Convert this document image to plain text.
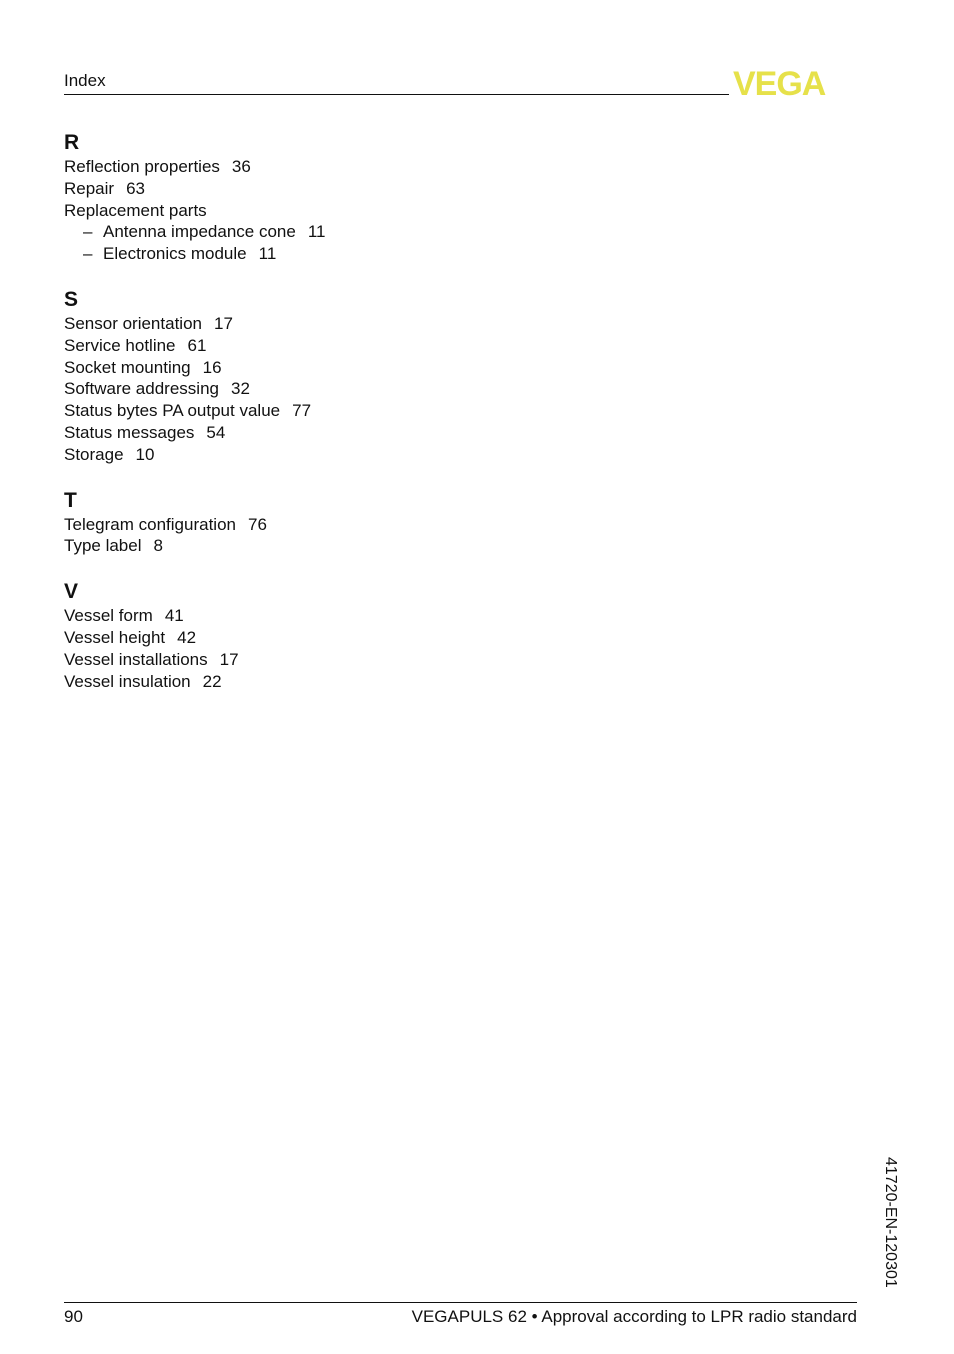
Index	VEGA
R
Reflection properties 36
Repair 63
Replacement parts
– Antenna impedance cone 11
– Electronics module 11
S
Sensor orientation 17
Service hotline 61
Socket mounting 16
Software addressing 32
Status bytes PA output value 77
Status messages 54
Storage 10
T
Telegram configuration 76
Type label 8
V
Vessel form 41
Vessel height 42
Vessel installations 17
Vessel insulation 22
41720-EN-120301
90	VEGAPULS 62 • Approval according to LPR radio standard
